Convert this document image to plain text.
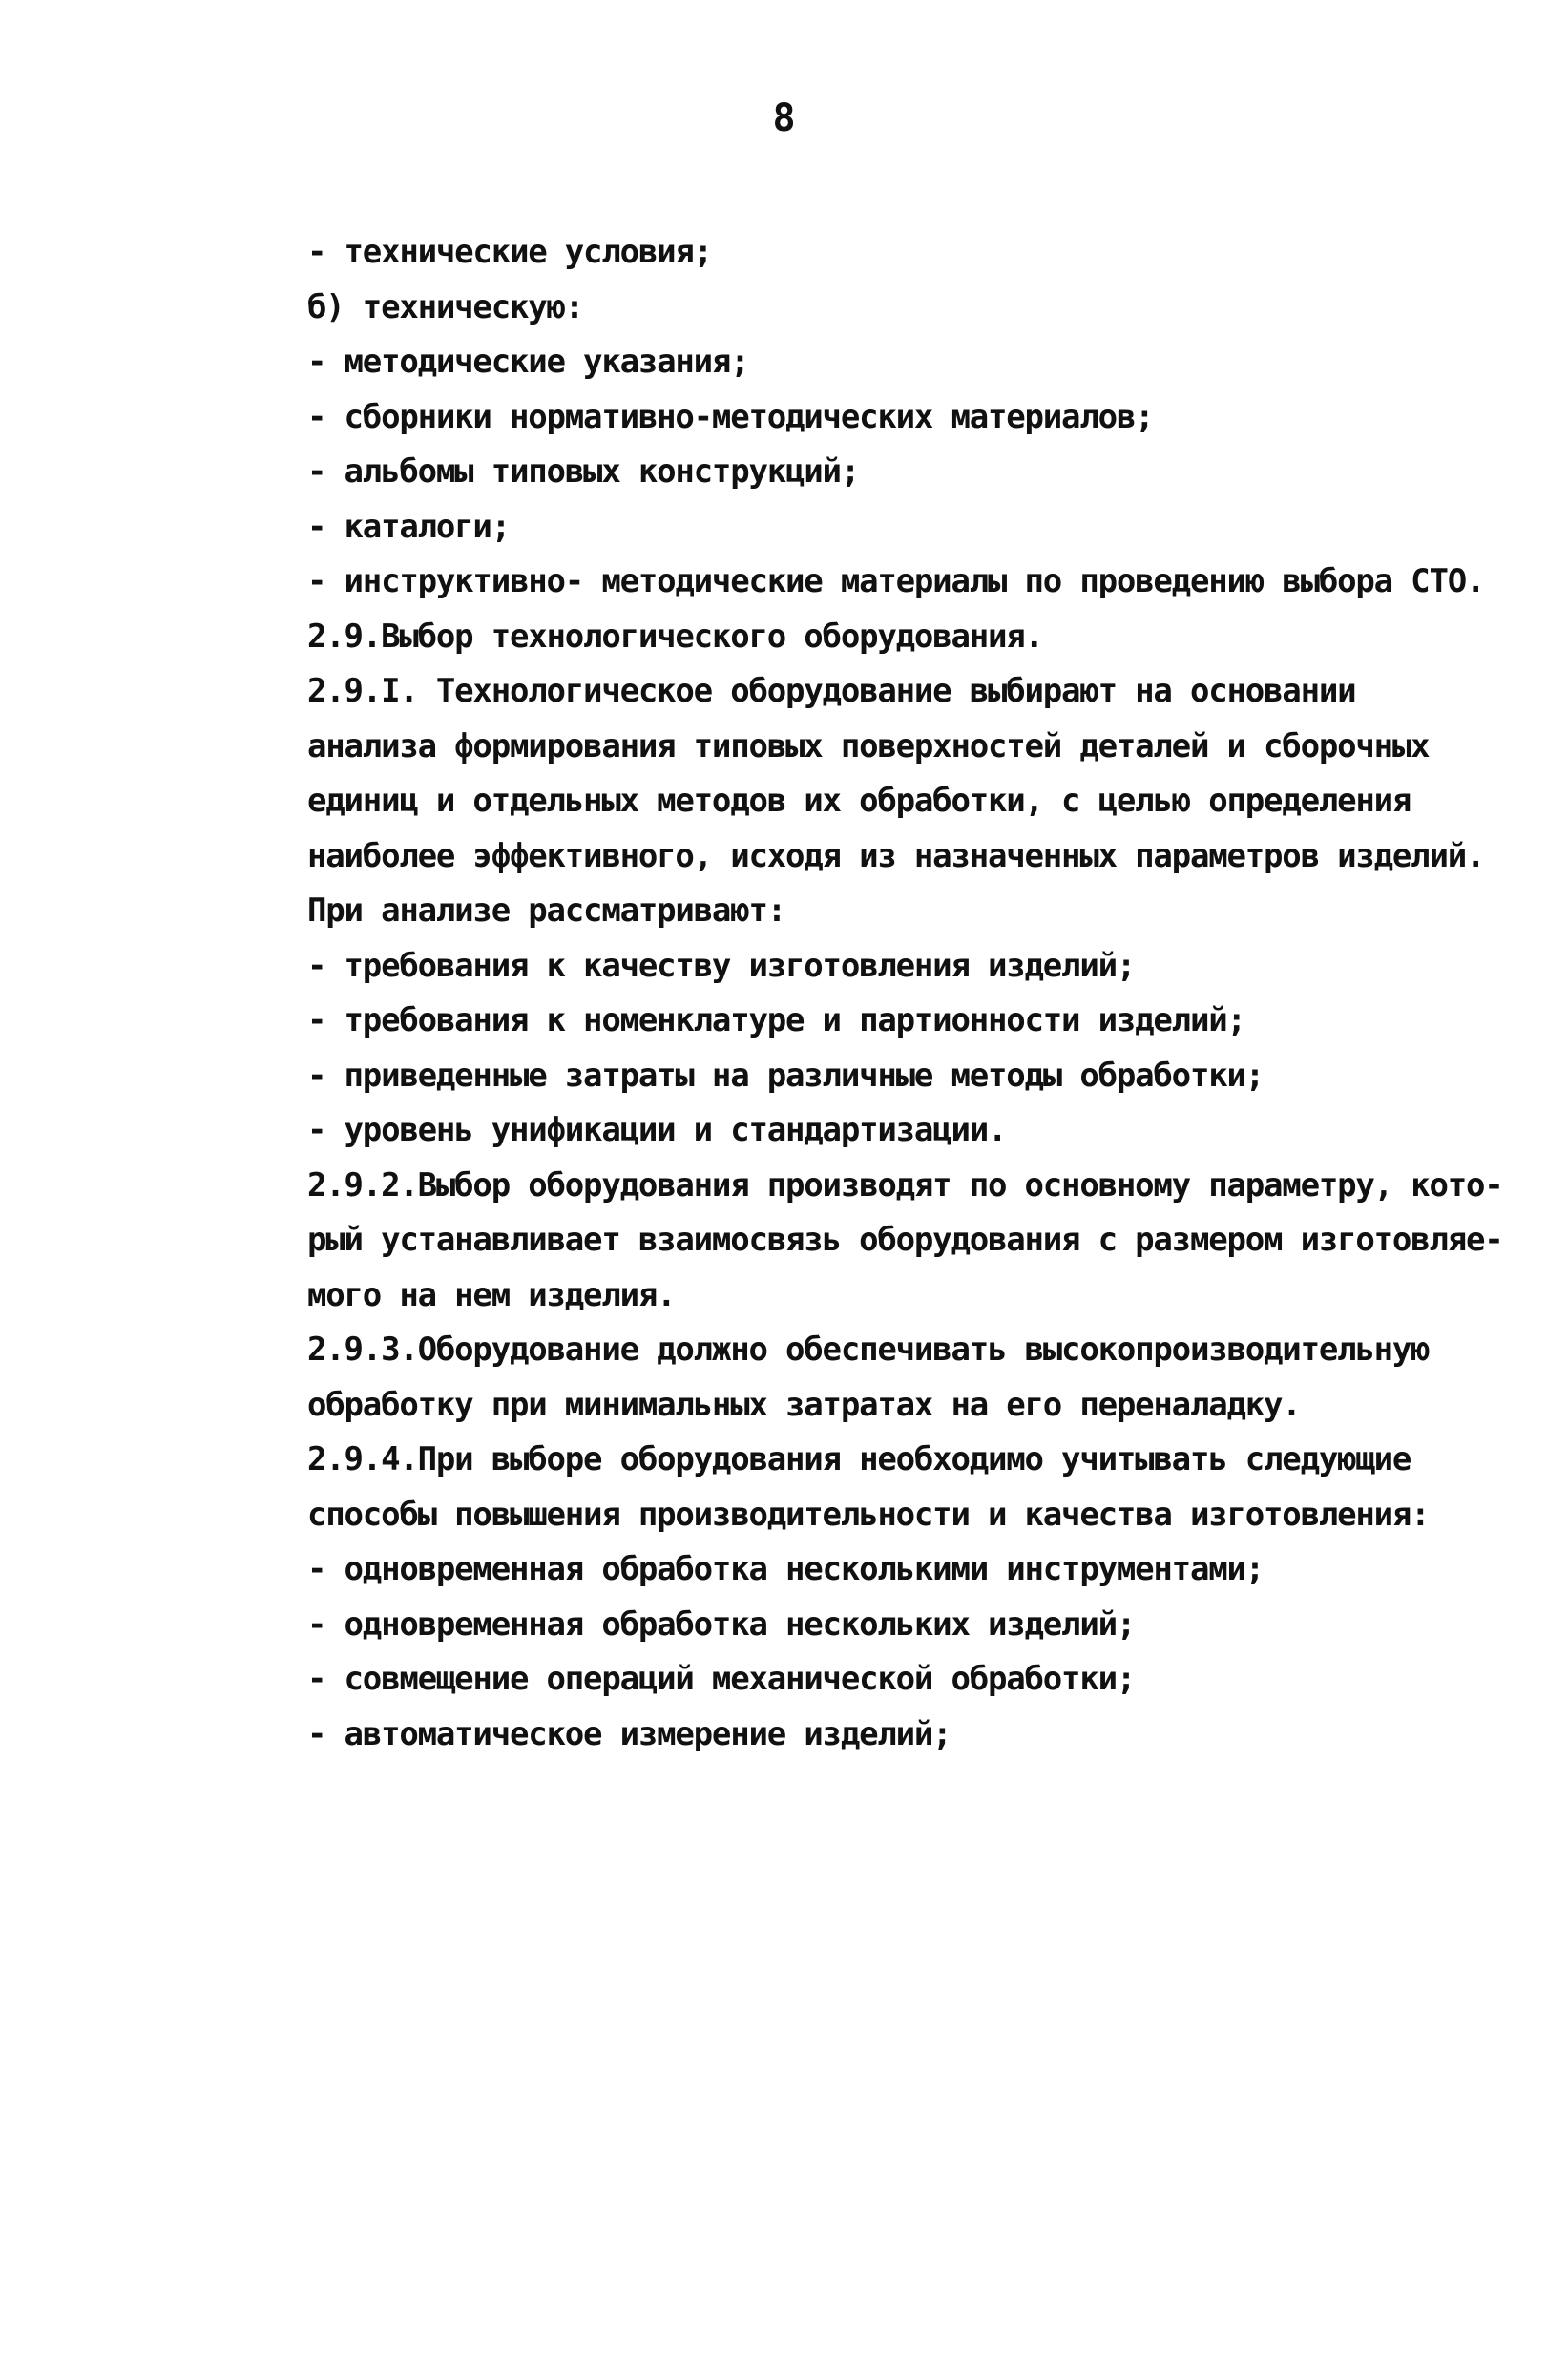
8
- технические условия;
б) техническую:
- методические указания;
- сборники нормативно-методических материалов;
- альбомы типовых конструкций;
- каталоги;
- инструктивно- методические материалы по проведению выбора СТО.
2.9.Выбор технологического оборудования.
2.9.I. Технологическое оборудование выбирают на основании
анализа формирования типовых поверхностей деталей и сборочных
единиц и отдельных методов их обработки, с целью определения
наиболее эффективного, исходя из назначенных параметров изделий.
При анализе рассматривают:
- требования к качеству изготовления изделий;
- требования к номенклатуре и партионности изделий;
- приведенные затраты на различные методы обработки;
- уровень унификации и стандартизации.
2.9.2.Выбор оборудования производят по основному параметру, кото-
рый устанавливает взаимосвязь оборудования с размером изготовляе-
мого на нем изделия.
2.9.3.Оборудование должно обеспечивать высокопроизводительную
обработку при минимальных затратах на его переналадку.
2.9.4.При выборе оборудования необходимо учитывать следующие
способы повышения производительности и качества изготовления:
- одновременная обработка несколькими инструментами;
- одновременная обработка нескольких изделий;
- совмещение операций механической обработки;
- автоматическое измерение изделий;
